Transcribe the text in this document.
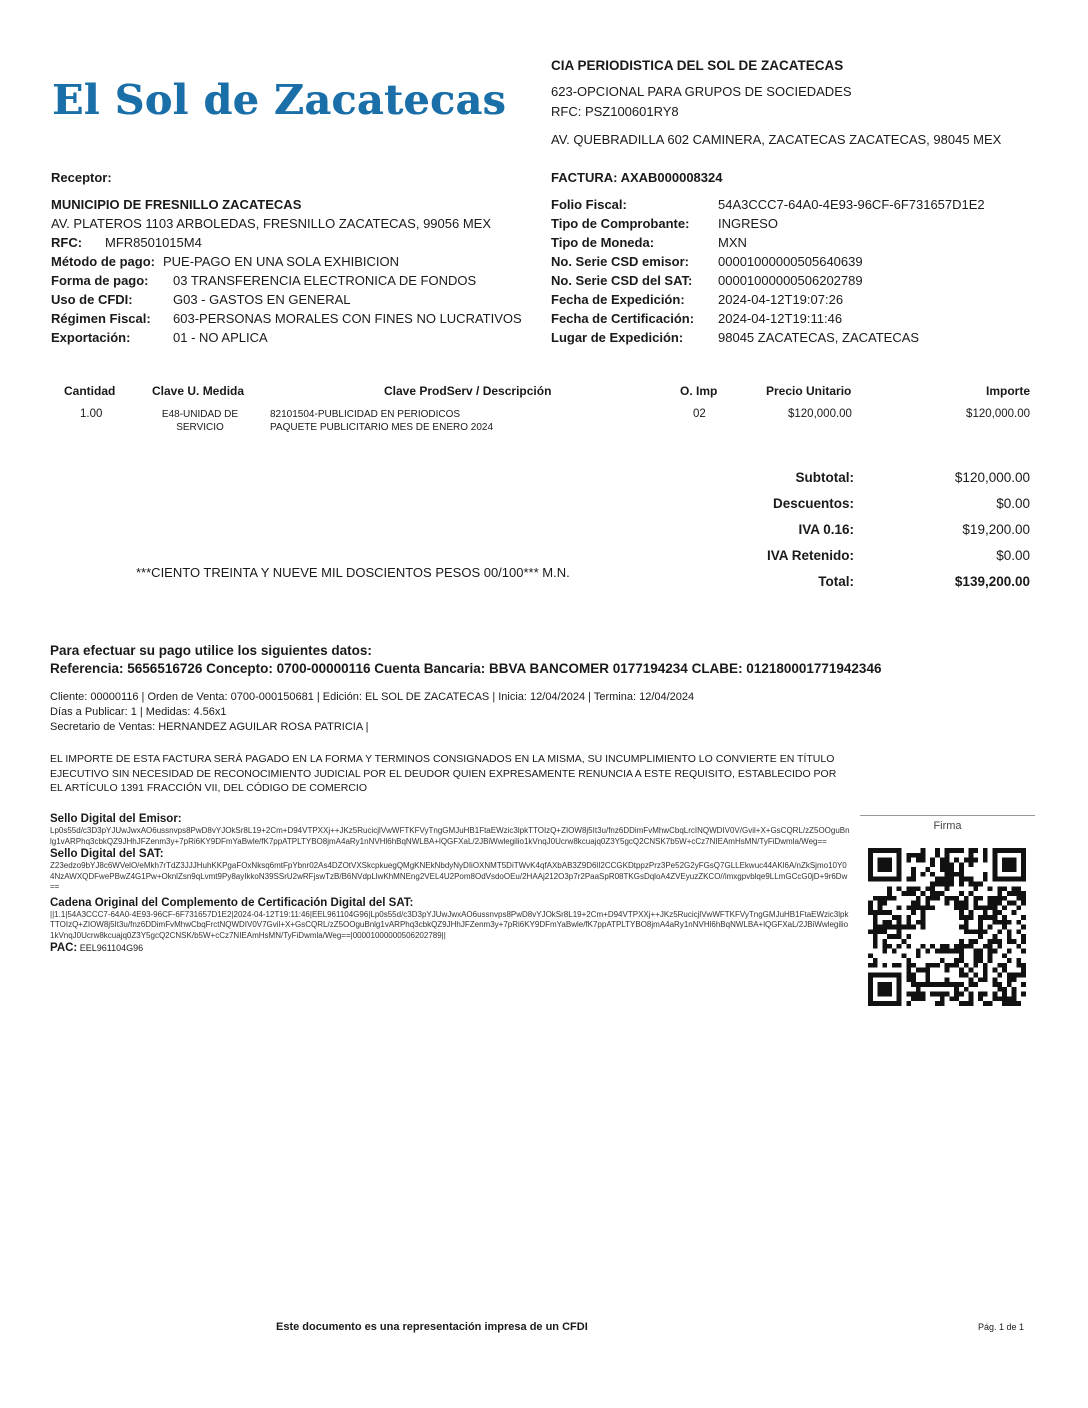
El Sol de Zacatecas
CIA PERIODISTICA DEL SOL DE ZACATECAS
623-OPCIONAL PARA GRUPOS DE SOCIEDADES
RFC: PSZ100601RY8
AV. QUEBRADILLA 602 CAMINERA, ZACATECAS ZACATECAS, 98045 MEX
Receptor:
MUNICIPIO DE FRESNILLO ZACATECAS
AV. PLATEROS 1103 ARBOLEDAS, FRESNILLO ZACATECAS, 99056 MEX
RFC:	MFR8501015M4
Método de pago: PUE-PAGO EN UNA SOLA EXHIBICION
Forma de pago:	03 TRANSFERENCIA ELECTRONICA DE FONDOS
Uso de CFDI:	G03 - GASTOS EN GENERAL
Régimen Fiscal:	603-PERSONAS MORALES CON FINES NO LUCRATIVOS
Exportación:	01 - NO APLICA
FACTURA: AXAB000008324
Folio Fiscal:	54A3CCC7-64A0-4E93-96CF-6F731657D1E2
Tipo de Comprobante:	INGRESO
Tipo de Moneda:	MXN
No. Serie CSD emisor:	00001000000505640639
No. Serie CSD del SAT:	00001000000506202789
Fecha de Expedición:	2024-04-12T19:07:26
Fecha de Certificación:	2024-04-12T19:11:46
Lugar de Expedición:	98045 ZACATECAS, ZACATECAS
Cantidad	Clave U. Medida	Clave ProdServ / Descripción	O. Imp	Precio Unitario	Importe
1.00	E48-UNIDAD DE
SERVICIO
82101504-PUBLICIDAD EN PERIODICOS
PAQUETE PUBLICITARIO MES DE ENERO 2024
02	$120,000.00	$120,000.00
Subtotal:	$120,000.00
Descuentos:	$0.00
IVA 0.16:	$19,200.00
IVA Retenido:	$0.00
Total:	$139,200.00
***CIENTO TREINTA Y NUEVE MIL DOSCIENTOS PESOS 00/100*** M.N.
Para efectuar su pago utilice los siguientes datos:
Referencia: 5656516726 Concepto: 0700-00000116 Cuenta Bancaria: BBVA BANCOMER 0177194234 CLABE: 012180001771942346
Cliente: 00000116 | Orden de Venta: 0700-000150681 | Edición: EL SOL DE ZACATECAS | Inicia: 12/04/2024 | Termina: 12/04/2024
Días a Publicar: 1 | Medidas: 4.56x1
Secretario de Ventas: HERNANDEZ AGUILAR ROSA PATRICIA |
EL IMPORTE DE ESTA FACTURA SERÁ PAGADO EN LA FORMA Y TERMINOS CONSIGNADOS EN LA MISMA, SU INCUMPLIMIENTO LO CONVIERTE EN TÍTULO EJECUTIVO SIN NECESIDAD DE RECONOCIMIENTO JUDICIAL POR EL DEUDOR QUIEN EXPRESAMENTE RENUNCIA A ESTE REQUISITO, ESTABLECIDO POR EL ARTÍCULO 1391 FRACCIÓN VII, DEL CÓDIGO DE COMERCIO
Sello Digital del Emisor:
Lp0s55d/c3D3pYJUwJwxAO6ussnvps8PwD8vYJOkSr8L19+2Cm+D94VTPXXj++JKz5RucicjlVwWFTKFVyTngGMJuHB1FtaEWzic3lpkTTOIzQ+ZIOW8j5It3u/fnz6DDimFvMhwCbqLrcINQWDIV0V/Gvil+X+GsCQRL/zZ5OOguBnlg1vARPhq3cbkQZ9JHhJFZenm3y+7pRi6KY9DFmYaBwle/fK7ppATPLTYBO8jmA4aRy1nNVHl6hBqNWLBA+lQGFXaL/2JBiWwlegilio1kVnqJ0Ucrw8kcuajq0Z3Y5gcQ2CNSK7b5W+cCz7NIEAmHsMN/TyFiDwmla/Weg==
Sello Digital del SAT:
Z23edzo9bYJ8c6WVelO/eMkh7rTdZ3JJJHuhKKPgaFOxNksq6mtFpYbnr02As4DZOtVXSkcpkuegQMgKNEkNbdyNyDIiOXNMT5DiTWvK4qfAXbAB3Z9D6lI2CCGKDtppzPrz3Pe52G2yFGsQ7GLLEkwuc44AKl6A/nZkSjmo10Y04NzAWXQDFwePBwZ4G1Pw+OknlZsn9qLvmt9Py8ayIkkoN39SSrU2wRFjswTzB/B6NVdpLlwKhMNEng2VEL4U2Pom8OdVsdoOEu/2HAAj212O3p7r2PaaSpR08TKGsDqloA4ZVEyuzZKCO//imxgpvblqe9LLmGCcG0jD+9r6Dw==
Cadena Original del Complemento de Certificación Digital del SAT:
||1.1|54A3CCC7-64A0-4E93-96CF-6F731657D1E2|2024-04-12T19:11:46|EEL961104G96|Lp0s55d/c3D3pYJUwJwxAO6ussnvps8PwD8vYJOkSr8L19+2Cm+D94VTPXXj++JKz5RucicjlVwWFTKFVyTngGMJuHB1FtaEWzic3lpkTTOIzQ+ZIOW8j5It3u/fnz6DDimFvMhwCbqFrctNQWDIV0V7Gvil+X+GsCQRL/zZ5OOguBnlg1vARPhq3cbkQZ9JHhJFZenm3y+7pRi6KY9DFmYaBwle/fK7ppATPLTYBO8jmA4aRy1nNVHl6hBqNWLBA+lQGFXaL/2JBiWwlegilio1kVnqJ0Ucrw8kcuajq0Z3Y5gcQ2CNSK/b5W+cCz7NIEAmHsMN/TyFiDwmla/Weg==|00001000000506202789||
PAC: EEL961104G96
Firma
Este documento es una representación impresa de un CFDI	Pág. 1 de 1
